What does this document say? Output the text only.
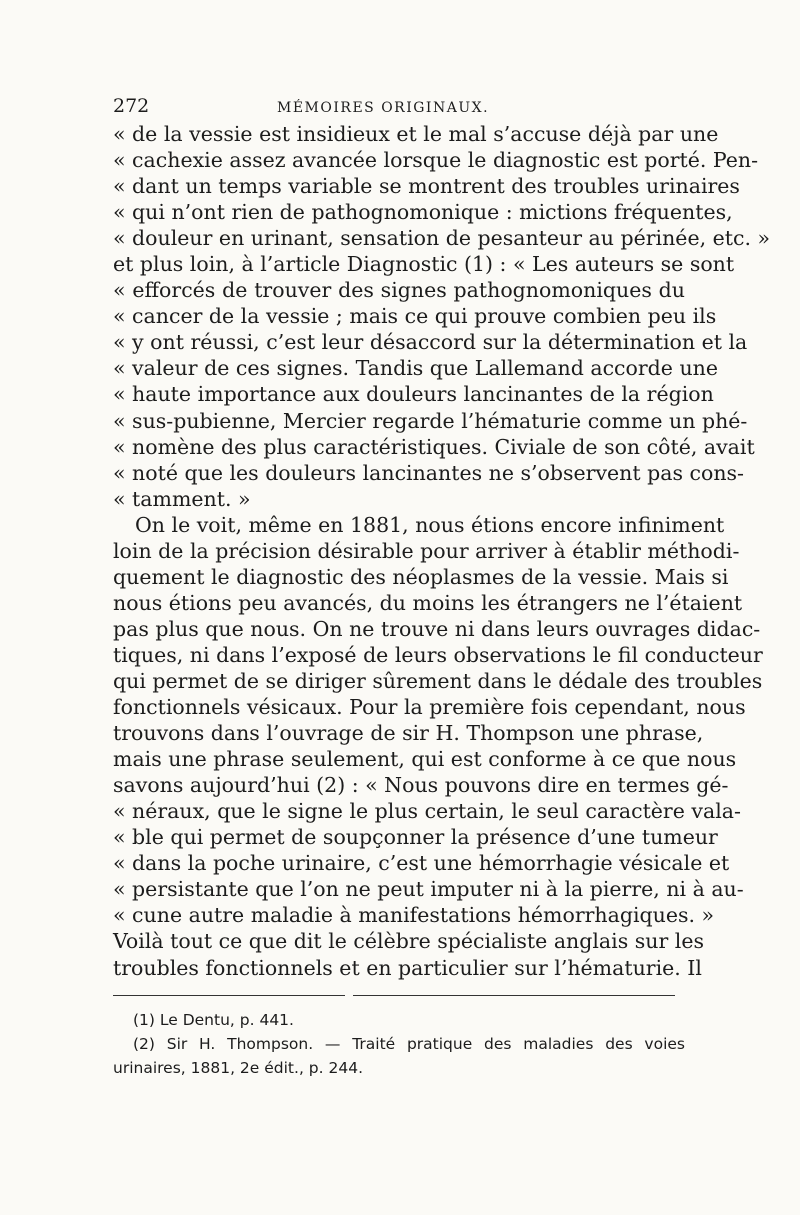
272	MÉMOIRES ORIGINAUX.
« de la vessie est insidieux et le mal s’accuse déjà par une
« cachexie assez avancée lorsque le diagnostic est porté. Pen-
« dant un temps variable se montrent des troubles urinaires
« qui n’ont rien de pathognomonique : mictions fréquentes,
« douleur en urinant, sensation de pesanteur au périnée, etc. »
et plus loin, à l’article Diagnostic (1) : « Les auteurs se sont
« efforcés de trouver des signes pathognomoniques du
« cancer de la vessie ; mais ce qui prouve combien peu ils
« y ont réussi, c’est leur désaccord sur la détermination et la
« valeur de ces signes. Tandis que Lallemand accorde une
« haute importance aux douleurs lancinantes de la région
« sus-pubienne, Mercier regarde l’hématurie comme un phé-
« nomène des plus caractéristiques. Civiale de son côté, avait
« noté que les douleurs lancinantes ne s’observent pas cons-
« tamment. »
On le voit, même en 1881, nous étions encore infiniment
loin de la précision désirable pour arriver à établir méthodi-
quement le diagnostic des néoplasmes de la vessie. Mais si
nous étions peu avancés, du moins les étrangers ne l’étaient
pas plus que nous. On ne trouve ni dans leurs ouvrages didac-
tiques, ni dans l’exposé de leurs observations le fil conducteur
qui permet de se diriger sûrement dans le dédale des troubles
fonctionnels vésicaux. Pour la première fois cependant, nous
trouvons dans l’ouvrage de sir H. Thompson une phrase,
mais une phrase seulement, qui est conforme à ce que nous
savons aujourd’hui (2) : « Nous pouvons dire en termes gé-
« néraux, que le signe le plus certain, le seul caractère vala-
« ble qui permet de soupçonner la présence d’une tumeur
« dans la poche urinaire, c’est une hémorrhagie vésicale et
« persistante que l’on ne peut imputer ni à la pierre, ni à au-
« cune autre maladie à manifestations hémorrhagiques. »
Voilà tout ce que dit le célèbre spécialiste anglais sur les
troubles fonctionnels et en particulier sur l’hématurie. Il
(1) Le Dentu, p. 441.
(2) Sir H. Thompson. — Traité pratique des maladies des voies
urinaires, 1881, 2e édit., p. 244.
